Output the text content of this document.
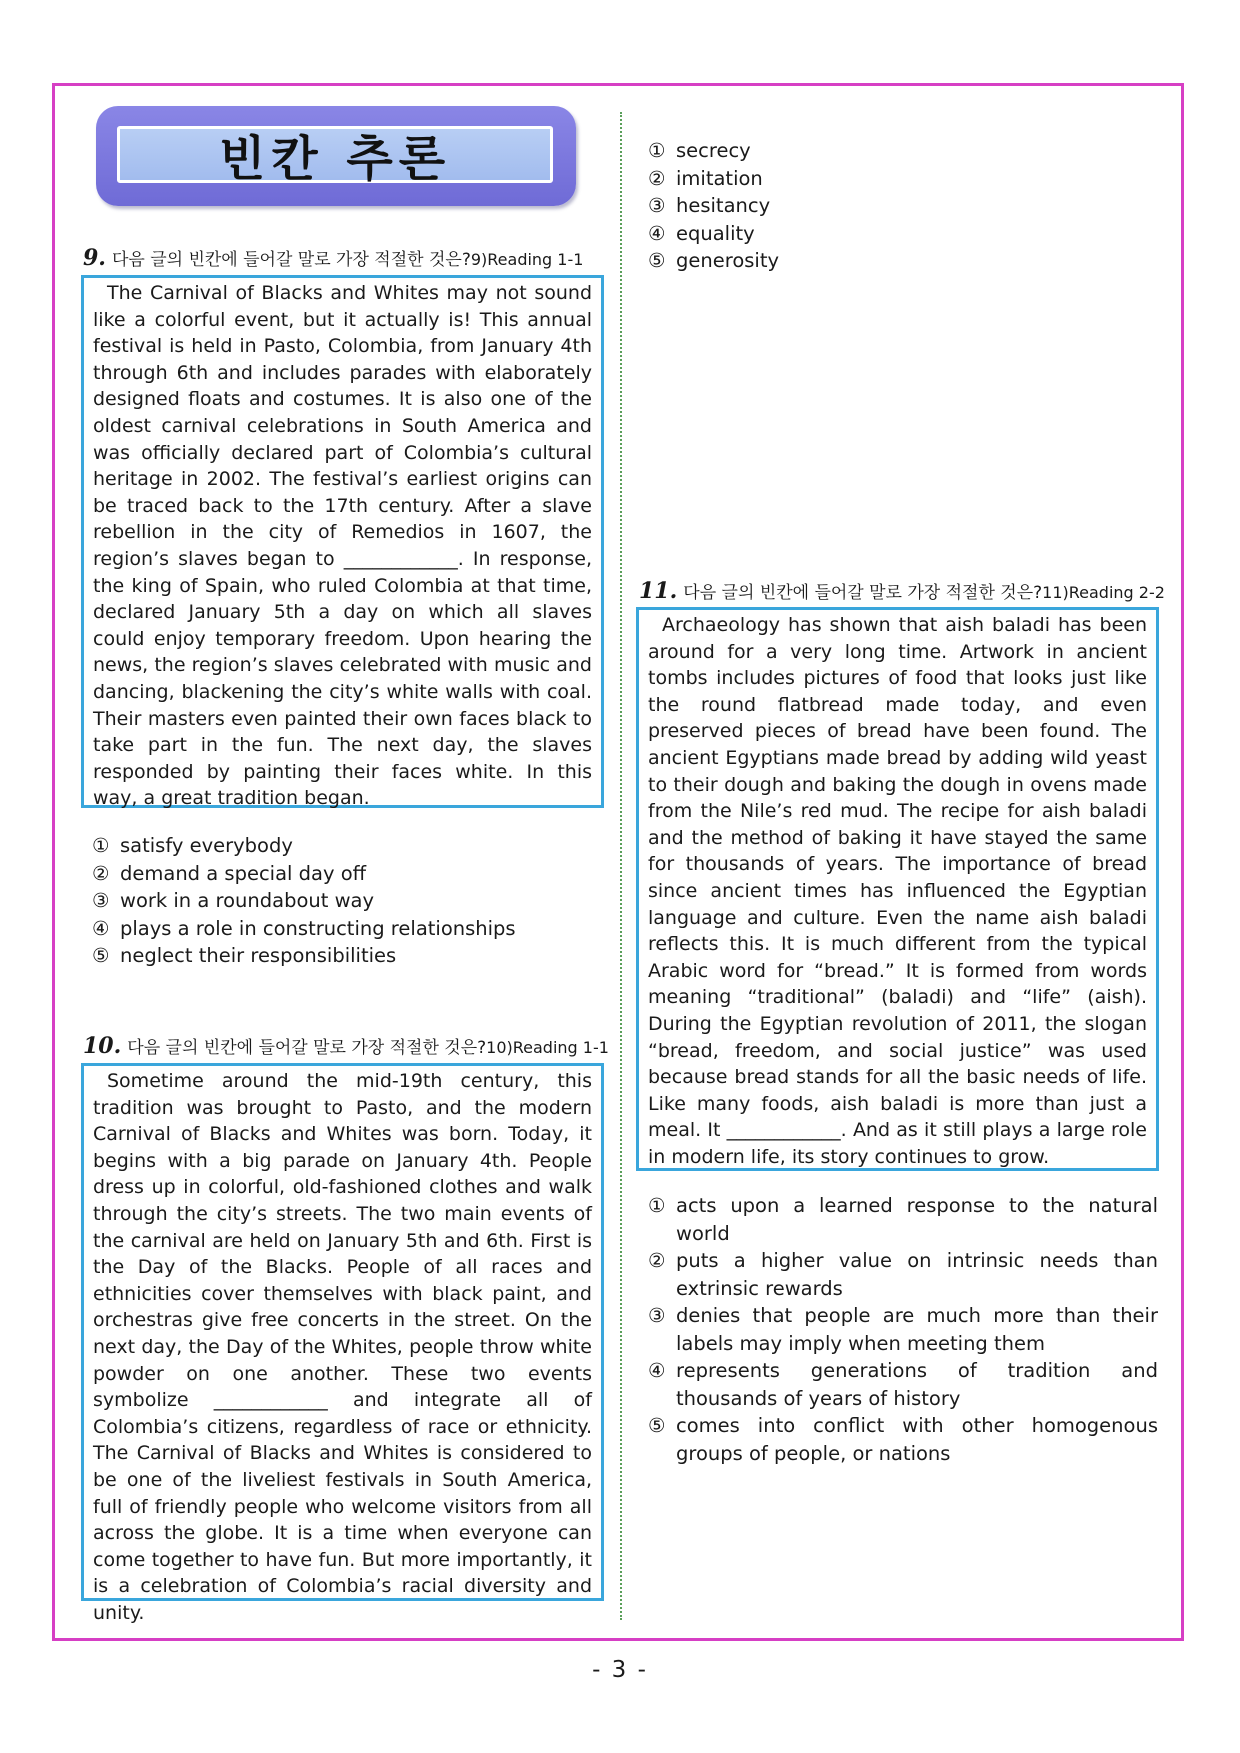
빈칸 추론
9. 다음 글의 빈칸에 들어갈 말로 가장 적절한 것은?9)Reading 1-1

The Carnival of Blacks and Whites may not sound like a colorful event, but it actually is! This annual festival is held in Pasto, Colombia, from January 4th through 6th and includes parades with elaborately designed floats and costumes. It is also one of the oldest carnival celebrations in South America and was officially declared part of Colombia’s cultural heritage in 2002. The festival’s earliest origins can be traced back to the 17th century. After a slave rebellion in the city of Remedios in 1607, the region’s slaves began to ____________. In response, the king of Spain, who ruled Colombia at that time, declared January 5th a day on which all slaves could enjoy temporary freedom. Upon hearing the news, the region’s slaves celebrated with music and dancing, blackening the city’s white walls with coal. Their masters even painted their own faces black to take part in the fun. The next day, the slaves responded by painting their faces white. In this way, a great tradition began.

① satisfy everybody
② demand a special day off
③ work in a roundabout way
④ plays a role in constructing relationships
⑤ neglect their responsibilities
10. 다음 글의 빈칸에 들어갈 말로 가장 적절한 것은?10)Reading 1-1

Sometime around the mid-19th century, this tradition was brought to Pasto, and the modern Carnival of Blacks and Whites was born. Today, it begins with a big parade on January 4th. People dress up in colorful, old-fashioned clothes and walk through the city’s streets. The two main events of the carnival are held on January 5th and 6th. First is the Day of the Blacks. People of all races and ethnicities cover themselves with black paint, and orchestras give free concerts in the street. On the next day, the Day of the Whites, people throw white powder on one another. These two events symbolize ____________ and integrate all of Colombia’s citizens, regardless of race or ethnicity. The Carnival of Blacks and Whites is considered to be one of the liveliest festivals in South America, full of friendly people who welcome visitors from all across the globe. It is a time when everyone can come together to have fun. But more importantly, it is a celebration of Colombia’s racial diversity and unity.

① secrecy
② imitation
③ hesitancy
④ equality
⑤ generosity
11. 다음 글의 빈칸에 들어갈 말로 가장 적절한 것은?11)Reading 2-2

Archaeology has shown that aish baladi has been around for a very long time. Artwork in ancient tombs includes pictures of food that looks just like the round flatbread made today, and even preserved pieces of bread have been found. The ancient Egyptians made bread by adding wild yeast to their dough and baking the dough in ovens made from the Nile’s red mud. The recipe for aish baladi and the method of baking it have stayed the same for thousands of years. The importance of bread since ancient times has influenced the Egyptian language and culture. Even the name aish baladi reflects this. It is much different from the typical Arabic word for “bread.” It is formed from words meaning “traditional” (baladi) and “life” (aish). During the Egyptian revolution of 2011, the slogan “bread, freedom, and social justice” was used because bread stands for all the basic needs of life. Like many foods, aish baladi is more than just a meal. It ____________. And as it still plays a large role in modern life, its story continues to grow.

① acts upon a learned response to the natural world
② puts a higher value on intrinsic needs than extrinsic rewards
③ denies that people are much more than their labels may imply when meeting them
④ represents generations of tradition and thousands of years of history
⑤ comes into conflict with other homogenous groups of people, or nations
- 3 -
